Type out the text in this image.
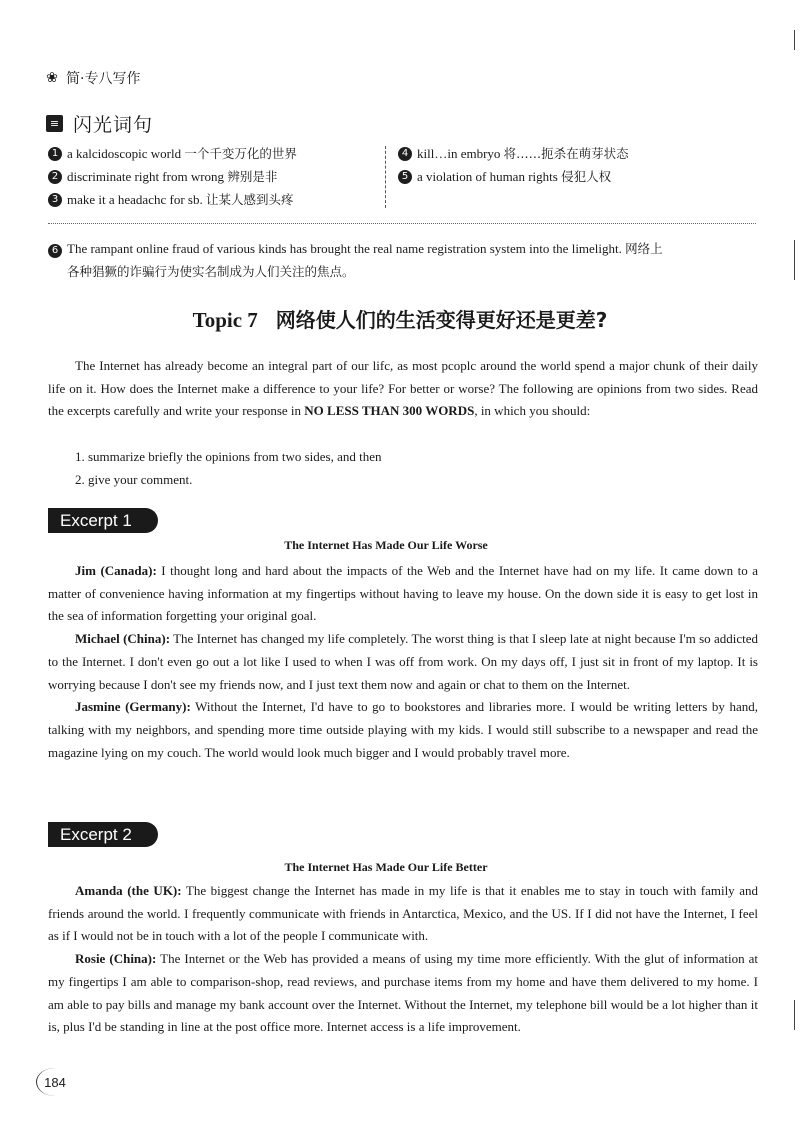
❀ 简·专八写作
≡ 闪光词句
1 a kalcidoscopic world
一个千变万化的世界
2 discriminate right from wrong
辨别是非
3 make it a headachc for sb.
让某人感到头疼
4 kill…in embryo
将……扼杀在萌芽状态
5 a violation of human rights
侵犯人权

6 The rampant online fraud of various kinds has brought the real name registration system into the limelight. 网络上

各种猖獗的诈骗行为使实名制成为人们关注的焦点。

Topic 7 网络使人们的生活变得更好还是更差?

The Internet has already become an integral part of our lifc, as most pcoplc around the world spend a major chunk of their daily life on it. How does the Internet make a difference to your life? For better or worse? The following are opinions from two sides. Read the excerpts carefully and write your response in NO LESS THAN 300 WORDS, in which you should:

1. summarize briefly the opinions from two sides, and then
2. give your comment.
Excerpt 1
The Internet Has Made Our Life Worse

Jim (Canada): I thought long and hard about the impacts of the Web and the Internet have had on my life. It came down to a matter of convenience having information at my fingertips without having to leave my house. On the down side it is easy to get lost in the sea of information forgetting your original goal.

Michael (China): The Internet has changed my life completely. The worst thing is that I sleep late at night because I'm so addicted to the Internet. I don't even go out a lot like I used to when I was off from work. On my days off, I just sit in front of my laptop. It is worrying because I don't see my friends now, and I just text them now and again or chat to them on the Internet.

Jasmine (Germany): Without the Internet, I'd have to go to bookstores and libraries more. I would be writing letters by hand, talking with my neighbors, and spending more time outside playing with my kids. I would still subscribe to a newspaper and read the magazine lying on my couch. The world would look much bigger and I would probably travel more.

Excerpt 2
The Internet Has Made Our Life Better

Amanda (the UK): The biggest change the Internet has made in my life is that it enables me to stay in touch with family and friends around the world. I frequently communicate with friends in Antarctica, Mexico, and the US. If I did not have the Internet, I feel as if I would not be in touch with a lot of the people I communicate with.

Rosie (China): The Internet or the Web has provided a means of using my time more efficiently. With the glut of information at my fingertips I am able to comparison-shop, read reviews, and purchase items from my home and have them delivered to my home. I am able to pay bills and manage my bank account over the Internet. Without the Internet, my telephone bill would be a lot higher than it is, plus I'd be standing in line at the post office more. Internet access is a life improvement.

184
